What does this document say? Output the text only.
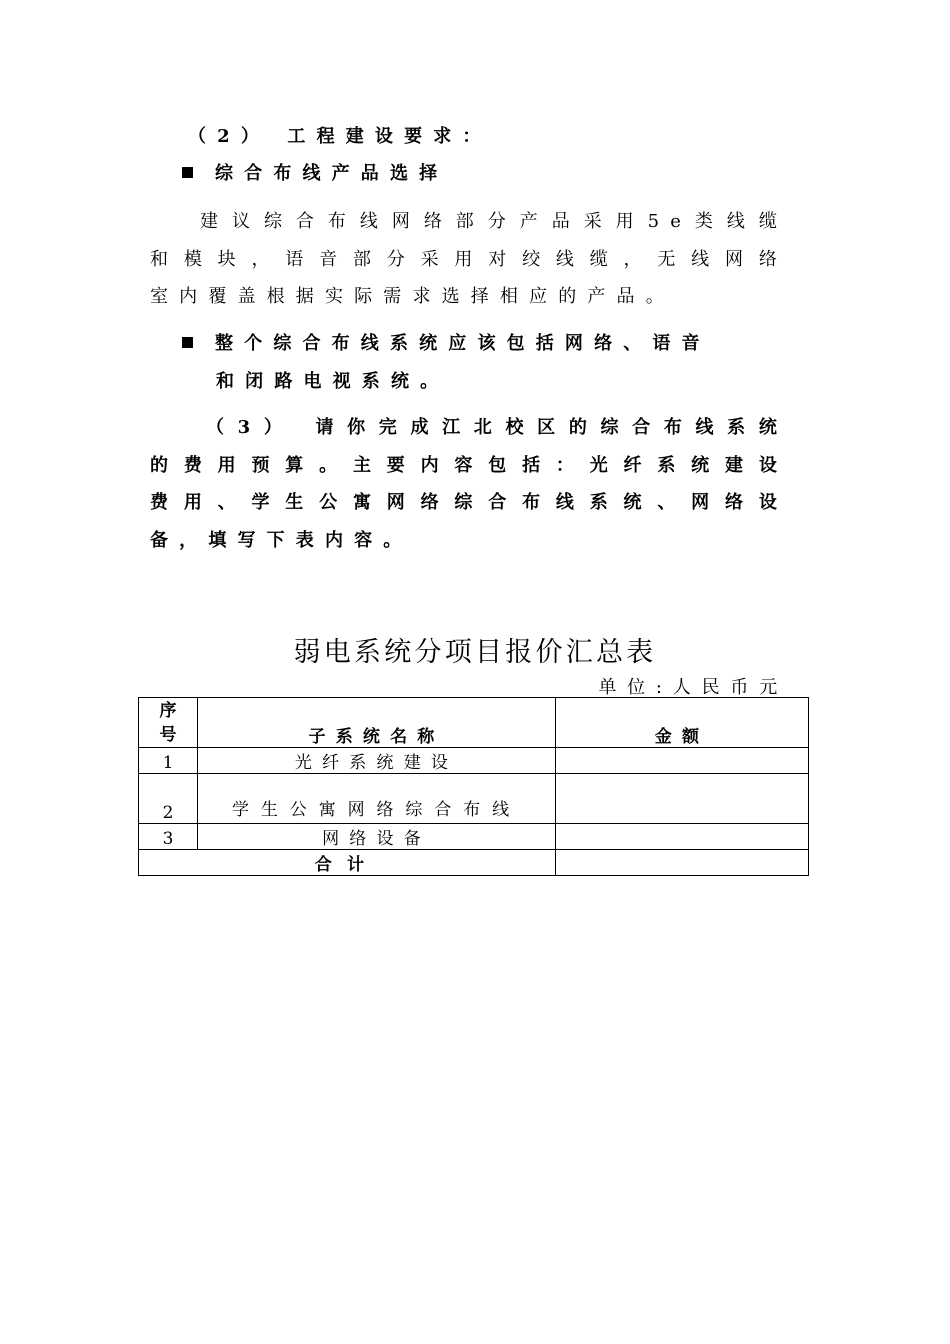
（2） 工程建设要求：
综合布线产品选择
建议综合布线网络部分产品采用5e类线缆
和模块，语音部分采用对绞线缆，无线网络
室内覆盖根据实际需求选择相应的产品。
整个综合布线系统应该包括网络、语音
和闭路电视系统。
（3） 请你完成江北校区的综合布线系统
的费用预算。主要内容包括：光纤系统建设
费用、学生公寓网络综合布线系统、网络设
备，填写下表内容。
弱电系统分项目报价汇总表
单位:人民币元
序号	子系统名称	金额
1	光纤系统建设	
2	学生公寓网络综合布线	
3	网络设备	
合计		
